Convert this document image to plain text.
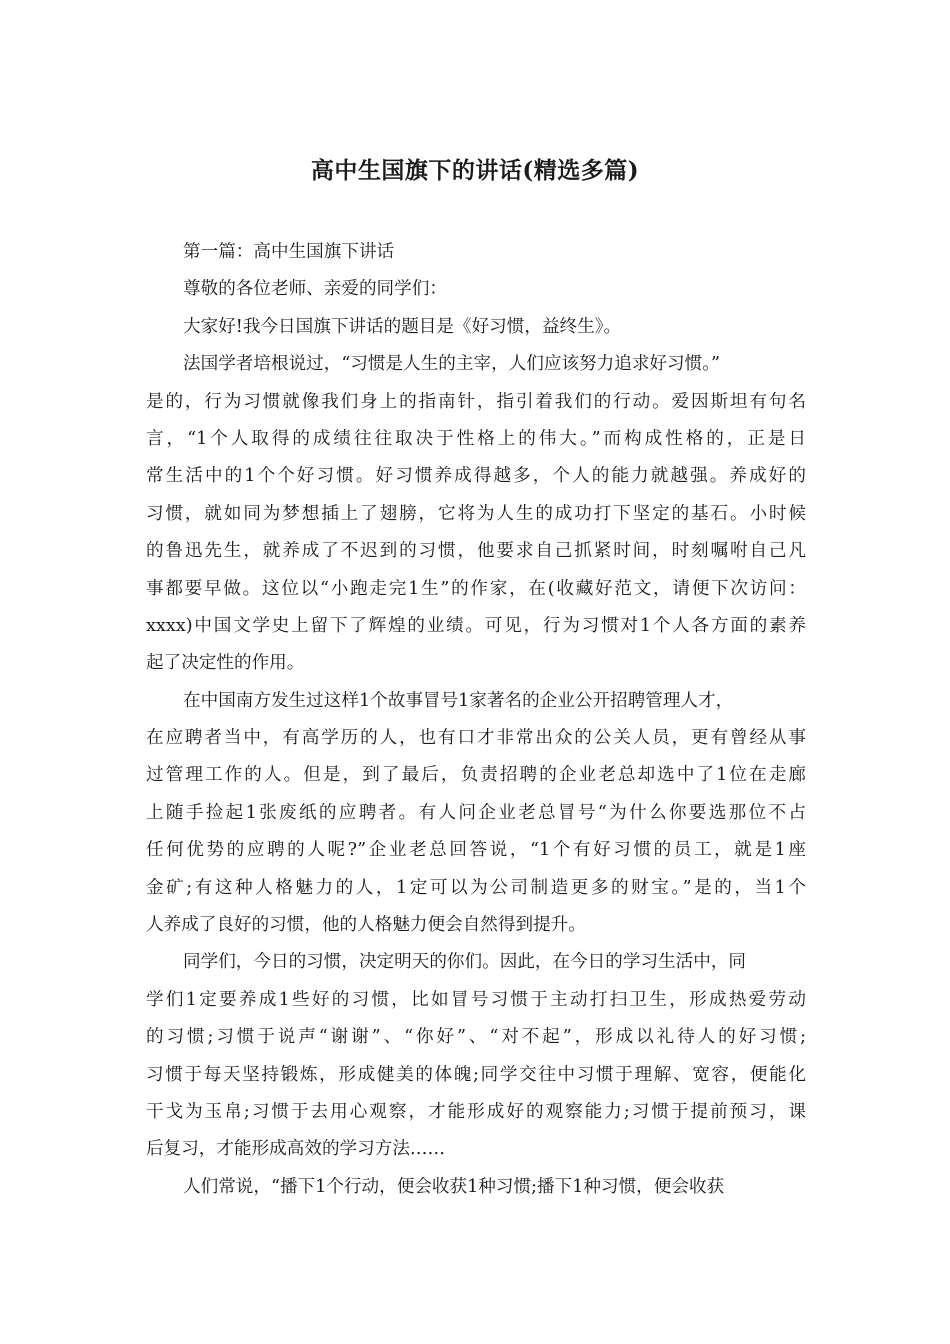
高中生国旗下的讲话(精选多篇)
第一篇：高中生国旗下讲话
尊敬的各位老师、亲爱的同学们：
大家好!我今日国旗下讲话的题目是《好习惯，益终生》。
法国学者培根说过，“习惯是人生的主宰，人们应该努力追求好习惯。”
是的，行为习惯就像我们身上的指南针，指引着我们的行动。爱因斯坦有句名
言，“1个人取得的成绩往往取决于性格上的伟大。”而构成性格的，正是日
常生活中的1个个好习惯。好习惯养成得越多，个人的能力就越强。养成好的
习惯，就如同为梦想插上了翅膀，它将为人生的成功打下坚定的基石。小时候
的鲁迅先生，就养成了不迟到的习惯，他要求自己抓紧时间，时刻嘱咐自己凡
事都要早做。这位以“小跑走完1生”的作家，在(收藏好范文，请便下次访问：
xxxx)中国文学史上留下了辉煌的业绩。可见，行为习惯对1个人各方面的素养
起了决定性的作用。
在中国南方发生过这样1个故事冒号1家著名的企业公开招聘管理人才，
在应聘者当中，有高学历的人，也有口才非常出众的公关人员，更有曾经从事
过管理工作的人。但是，到了最后，负责招聘的企业老总却选中了1位在走廊
上随手捡起1张废纸的应聘者。有人问企业老总冒号“为什么你要选那位不占
任何优势的应聘的人呢?”企业老总回答说，“1个有好习惯的员工，就是1座
金矿;有这种人格魅力的人，1定可以为公司制造更多的财宝。”是的，当1个
人养成了良好的习惯，他的人格魅力便会自然得到提升。
同学们，今日的习惯，决定明天的你们。因此，在今日的学习生活中，同
学们1定要养成1些好的习惯，比如冒号习惯于主动打扫卫生，形成热爱劳动
的习惯;习惯于说声“谢谢”、“你好”、“对不起”，形成以礼待人的好习惯;
习惯于每天坚持锻炼，形成健美的体魄;同学交往中习惯于理解、宽容，便能化
干戈为玉帛;习惯于去用心观察，才能形成好的观察能力;习惯于提前预习，课
后复习，才能形成高效的学习方法……
人们常说，“播下1个行动，便会收获1种习惯;播下1种习惯，便会收获
